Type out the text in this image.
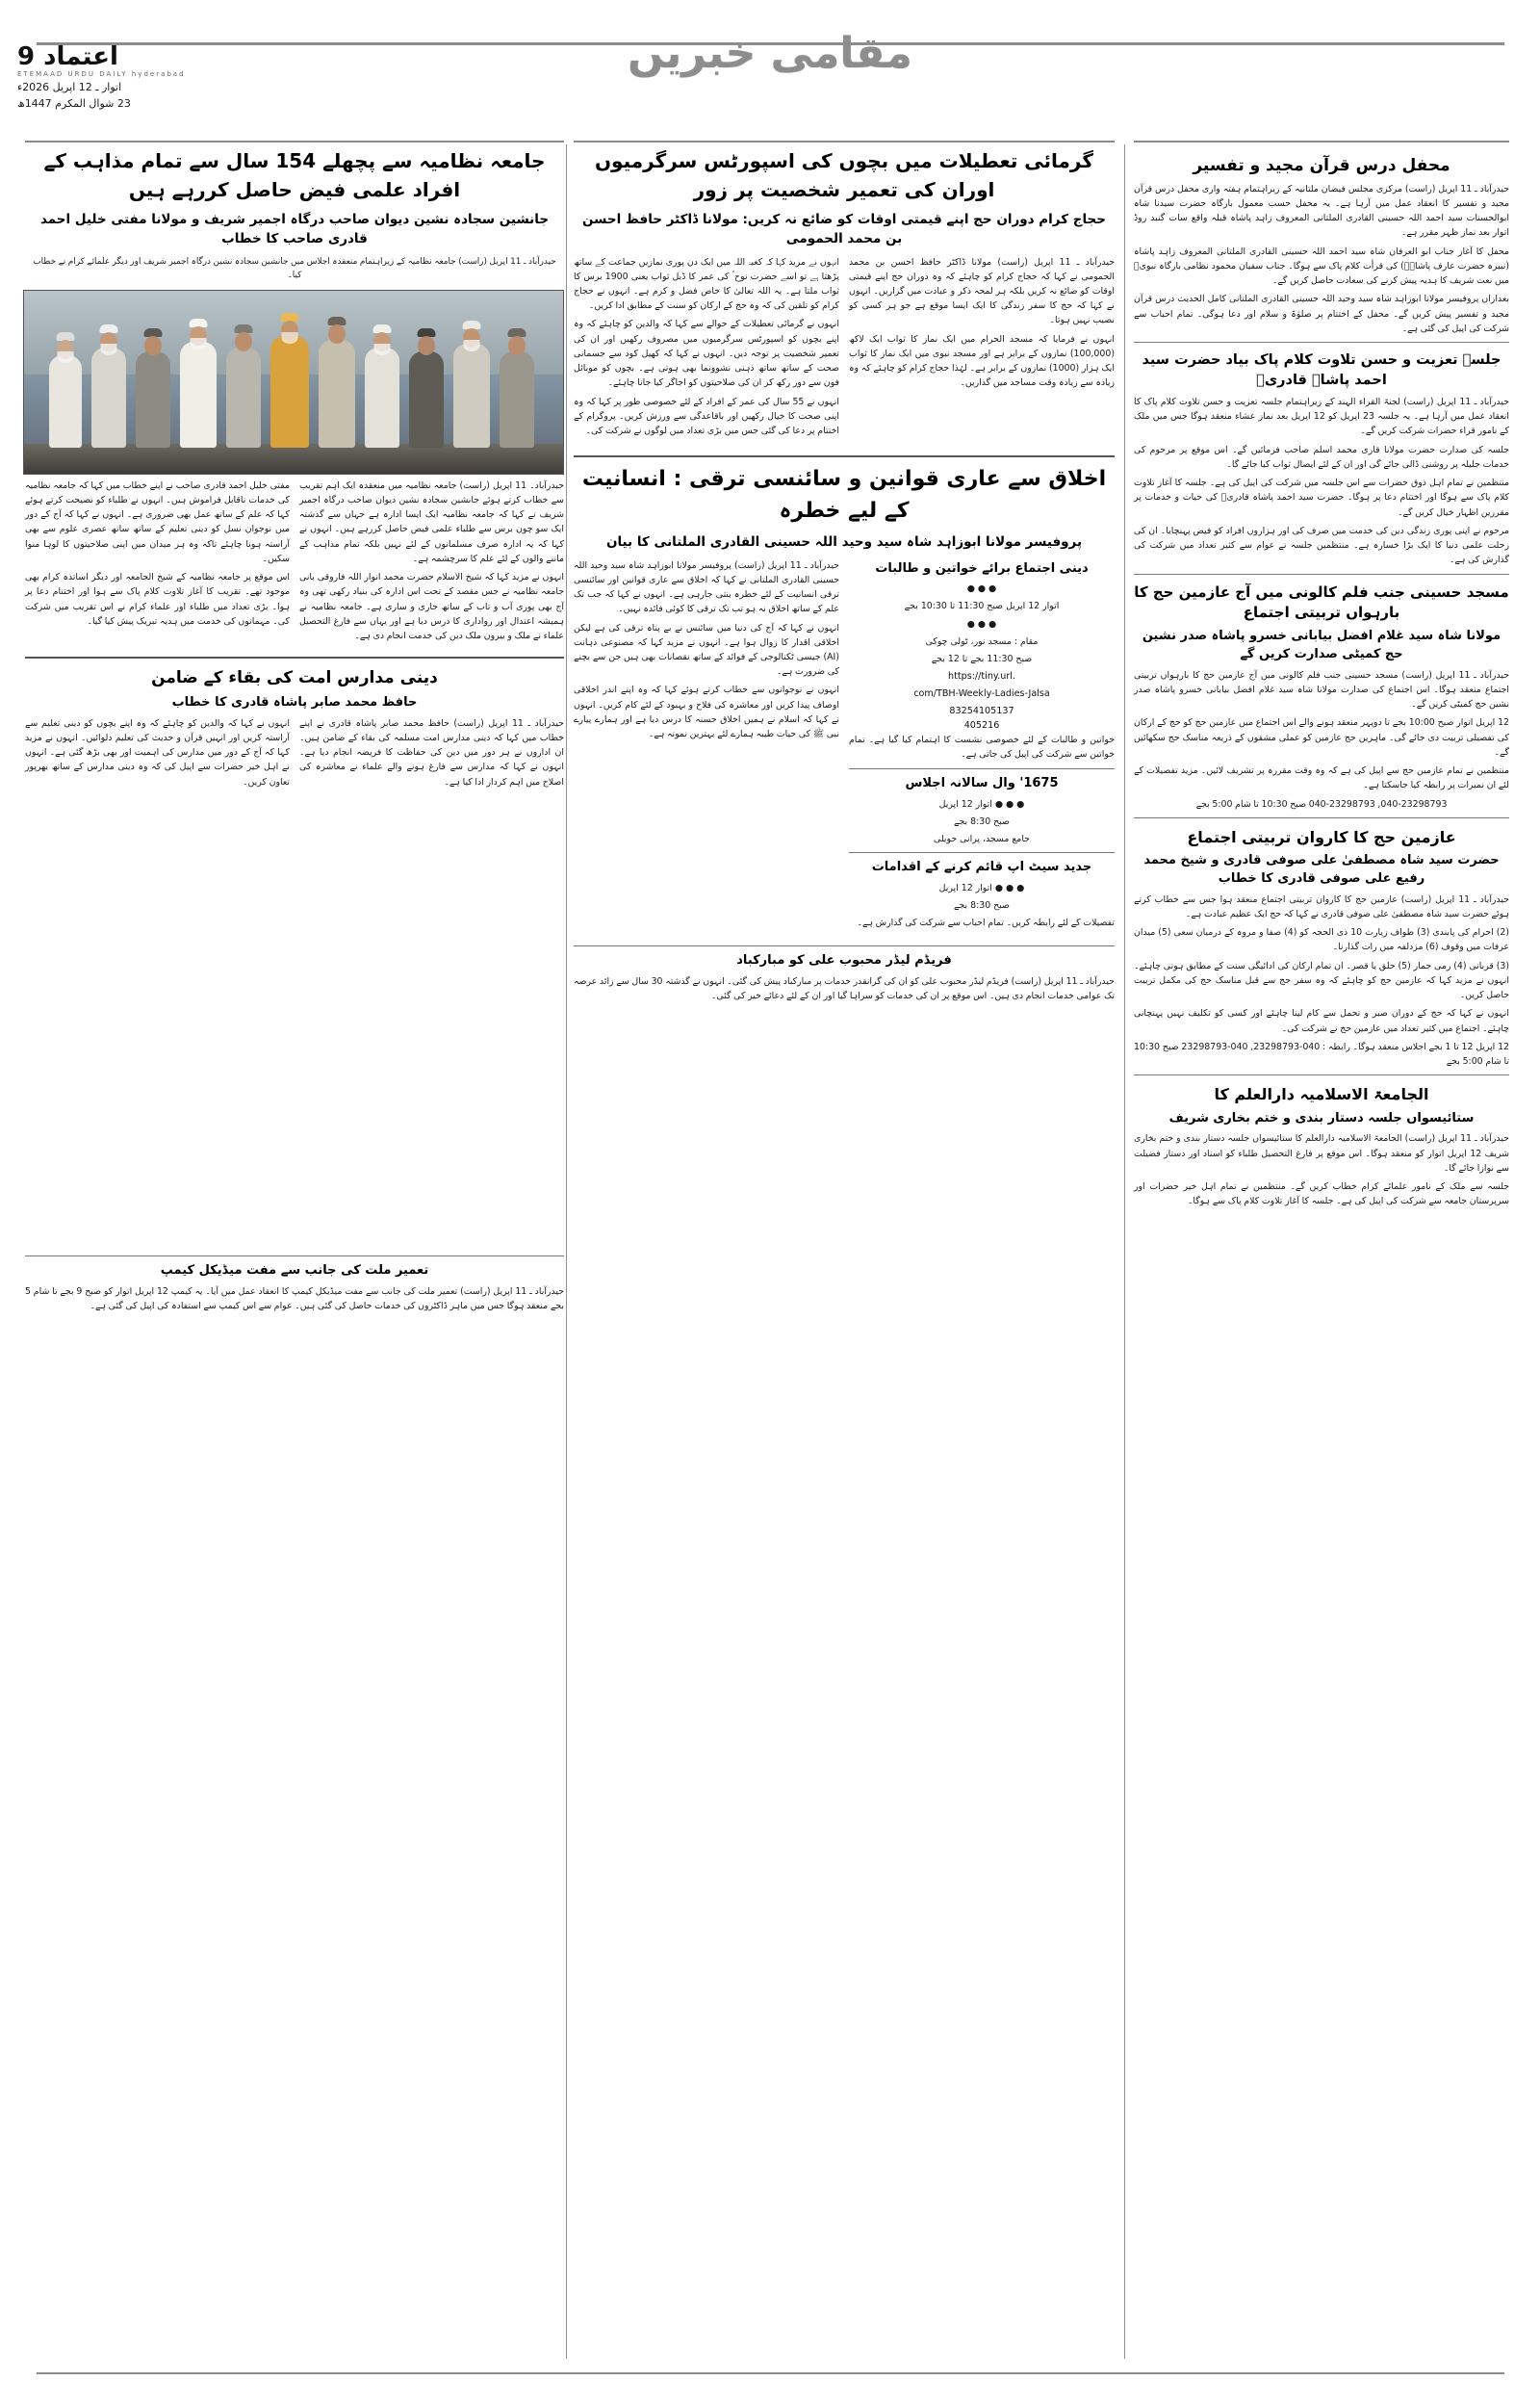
اعتماد 9
ETEMAAD URDU DAILY hyderabad
اتوار ـ 12 اپریل 2026ء
23 شوال المکرم 1447ھ
مقامی خبریں
جامعہ نظامیہ سے پچھلے 154 سال سے تمام مذاہب کے افراد علمی فیض حاصل کررہے ہیں
جانشین سجادہ نشین دیوان صاحب درگاہ اجمیر شریف و مولانا مفتی خلیل احمد قادری صاحب کا خطاب
حیدرآباد ـ 11 اپریل (راست) جامعہ نظامیہ کے زیراہتمام منعقدہ اجلاس میں جانشین سجادہ نشین درگاہ اجمیر شریف اور دیگر علمائے کرام نے خطاب کیا۔
حیدرآباد۔ 11 اپریل (راست) جامعہ نظامیہ میں منعقدہ ایک اہم تقریب سے خطاب کرتے ہوئے جانشین سجادہ نشین دیوان صاحب درگاہ اجمیر شریف نے کہا کہ جامعہ نظامیہ ایک ایسا ادارہ ہے جہاں سے گذشتہ ایک سو چون برس سے طلباء علمی فیض حاصل کررہے ہیں۔ انہوں نے کہا کہ یہ ادارہ صرف مسلمانوں کے لئے نہیں بلکہ تمام مذاہب کے ماننے والوں کے لئے علم کا سرچشمہ ہے۔
انہوں نے مزید کہا کہ شیخ الاسلام حضرت محمد انوار اللہ فاروقی بانی جامعہ نظامیہ نے جس مقصد کے تحت اس ادارہ کی بنیاد رکھی تھی وہ آج بھی پوری آب و تاب کے ساتھ جاری و ساری ہے۔ جامعہ نظامیہ نے ہمیشہ اعتدال اور رواداری کا درس دیا ہے اور یہاں سے فارغ التحصیل علماء نے ملک و بیرون ملک دین کی خدمت انجام دی ہے۔
مفتی خلیل احمد قادری صاحب نے اپنے خطاب میں کہا کہ جامعہ نظامیہ کی خدمات ناقابل فراموش ہیں۔ انہوں نے طلباء کو نصیحت کرتے ہوئے کہا کہ علم کے ساتھ عمل بھی ضروری ہے۔ انہوں نے کہا کہ آج کے دور میں نوجوان نسل کو دینی تعلیم کے ساتھ ساتھ عصری علوم سے بھی آراستہ ہونا چاہئے تاکہ وہ ہر میدان میں اپنی صلاحیتوں کا لوہا منوا سکیں۔
اس موقع پر جامعہ نظامیہ کے شیخ الجامعہ اور دیگر اساتذہ کرام بھی موجود تھے۔ تقریب کا آغاز تلاوت کلام پاک سے ہوا اور اختتام دعا پر ہوا۔ بڑی تعداد میں طلباء اور علماء کرام نے اس تقریب میں شرکت کی۔ مہمانوں کی خدمت میں ہدیہ تبریک پیش کیا گیا۔
دینی مدارس امت کی بقاء کے ضامن
حافظ محمد صابر پاشاہ قادری کا خطاب
حیدرآباد ـ 11 اپریل (راست) حافظ محمد صابر پاشاہ قادری نے اپنے خطاب میں کہا کہ دینی مدارس امت مسلمہ کی بقاء کے ضامن ہیں۔ ان اداروں نے ہر دور میں دین کی حفاظت کا فریضہ انجام دیا ہے۔ انہوں نے کہا کہ مدارس سے فارغ ہونے والے علماء نے معاشرہ کی اصلاح میں اہم کردار ادا کیا ہے۔
انہوں نے کہا کہ والدین کو چاہئے کہ وہ اپنے بچوں کو دینی تعلیم سے آراستہ کریں اور انہیں قرآن و حدیث کی تعلیم دلوائیں۔ انہوں نے مزید کہا کہ آج کے دور میں مدارس کی اہمیت اور بھی بڑھ گئی ہے۔ انہوں نے اہل خیر حضرات سے اپیل کی کہ وہ دینی مدارس کے ساتھ بھرپور تعاون کریں۔
تعمیر ملت کی جانب سے مفت میڈیکل کیمپ
حیدرآباد ـ 11 اپریل (راست) تعمیر ملت کی جانب سے مفت میڈیکل کیمپ کا انعقاد عمل میں آیا۔ یہ کیمپ 12 اپریل اتوار کو صبح 9 بجے تا شام 5 بجے منعقد ہوگا جس میں ماہر ڈاکٹروں کی خدمات حاصل کی گئی ہیں۔ عوام سے اس کیمپ سے استفادہ کی اپیل کی گئی ہے۔
گرمائی تعطیلات میں بچوں کی اسپورٹس سرگرمیوں اوران کی تعمیر شخصیت پر زور
حجاج کرام دوران حج اپنے قیمتی اوقات کو ضائع نہ کریں: مولانا ڈاکٹر حافظ احسن بن محمد الحمومی
حیدرآباد ـ 11 اپریل (راست) مولانا ڈاکٹر حافظ احسن بن محمد الحمومی نے کہا کہ حجاج کرام کو چاہئے کہ وہ دوران حج اپنے قیمتی اوقات کو ضائع نہ کریں بلکہ ہر لمحہ ذکر و عبادت میں گزاریں۔ انہوں نے کہا کہ حج کا سفر زندگی کا ایک ایسا موقع ہے جو ہر کسی کو نصیب نہیں ہوتا۔
انہوں نے فرمایا کہ مسجد الحرام میں ایک نماز کا ثواب ایک لاکھ (100,000) نمازوں کے برابر ہے اور مسجد نبوی میں ایک نماز کا ثواب ایک ہزار (1000) نمازوں کے برابر ہے۔ لہٰذا حجاج کرام کو چاہئے کہ وہ زیادہ سے زیادہ وقت مساجد میں گذاریں۔
انہوں نے مزید کہا کہ کعبۃ اللہ میں ایک دن پوری نمازیں جماعت کے ساتھ پڑھتا ہے تو اسے حضرت نوح ؑ کی عمر کا ڈبل ثواب یعنی 1900 برس کا ثواب ملتا ہے۔ یہ اللہ تعالیٰ کا خاص فضل و کرم ہے۔ انہوں نے حجاج کرام کو تلقین کی کہ وہ حج کے ارکان کو سنت کے مطابق ادا کریں۔
انہوں نے گرمائی تعطیلات کے حوالے سے کہا کہ والدین کو چاہئے کہ وہ اپنے بچوں کو اسپورٹس سرگرمیوں میں مصروف رکھیں اور ان کی تعمیر شخصیت پر توجہ دیں۔ انہوں نے کہا کہ کھیل کود سے جسمانی صحت کے ساتھ ساتھ ذہنی نشوونما بھی ہوتی ہے۔ بچوں کو موبائل فون سے دور رکھ کر ان کی صلاحیتوں کو اجاگر کیا جانا چاہئے۔
انہوں نے 55 سال کی عمر کے افراد کے لئے خصوصی طور پر کہا کہ وہ اپنی صحت کا خیال رکھیں اور باقاعدگی سے ورزش کریں۔ پروگرام کے اختتام پر دعا کی گئی جس میں بڑی تعداد میں لوگوں نے شرکت کی۔
اخلاق سے عاری قوانین و سائنسی ترقی : انسانیت کے لیے خطرہ
پروفیسر مولانا ابوزاہد شاہ سید وحید اللہ حسینی القادری الملتانی کا بیان
دینی اجتماع برائے خواتین و طالبات
● ● ●
اتوار 12 اپریل صبح 11:30 تا 10:30 بجے
● ● ●
مقام : مسجد نور، ٹولی چوکی
صبح 11:30 بجے تا 12 بجے
https://tiny.url.
com/TBH-Weekly-Ladies-Jalsa
83254105137
405216
خواتین و طالبات کے لئے خصوصی نشست کا اہتمام کیا گیا ہے۔ تمام خواتین سے شرکت کی اپیل کی جاتی ہے۔
1675' وال سالانہ اجلاس
● ● ● اتوار 12 اپریل
صبح 8:30 بجے
جامع مسجد، پرانی حویلی
جدید سیٹ اپ قائم کرنے کے اقدامات
● ● ● اتوار 12 اپریل
صبح 8:30 بجے
تفصیلات کے لئے رابطہ کریں۔ تمام احباب سے شرکت کی گذارش ہے۔
حیدرآباد ـ 11 اپریل (راست) پروفیسر مولانا ابوزاہد شاہ سید وحید اللہ حسینی القادری الملتانی نے کہا کہ اخلاق سے عاری قوانین اور سائنسی ترقی انسانیت کے لئے خطرہ بنتی جارہی ہے۔ انہوں نے کہا کہ جب تک علم کے ساتھ اخلاق نہ ہو تب تک ترقی کا کوئی فائدہ نہیں۔
انہوں نے کہا کہ آج کی دنیا میں سائنس نے بے پناہ ترقی کی ہے لیکن اخلاقی اقدار کا زوال ہوا ہے۔ انہوں نے مزید کہا کہ مصنوعی ذہانت (AI) جیسی ٹکنالوجی کے فوائد کے ساتھ نقصانات بھی ہیں جن سے بچنے کی ضرورت ہے۔
انہوں نے نوجوانوں سے خطاب کرتے ہوئے کہا کہ وہ اپنے اندر اخلاقی اوصاف پیدا کریں اور معاشرہ کی فلاح و بہبود کے لئے کام کریں۔ انہوں نے کہا کہ اسلام نے ہمیں اخلاق حسنہ کا درس دیا ہے اور ہمارے پیارے نبی ﷺ کی حیات طیبہ ہمارے لئے بہترین نمونہ ہے۔
فریڈم لیڈر محبوب علی کو مبارکباد
حیدرآباد ـ 11 اپریل (راست) فریڈم لیڈر محبوب علی کو ان کی گرانقدر خدمات پر مبارکباد پیش کی گئی۔ انہوں نے گذشتہ 30 سال سے زائد عرصہ تک عوامی خدمات انجام دی ہیں۔ اس موقع پر ان کی خدمات کو سراہا گیا اور ان کے لئے دعائے خیر کی گئی۔
محفل درس قرآن مجید و تفسیر
حیدرآباد ـ 11 اپریل (راست) مرکزی مجلس فیضان ملتانیہ کے زیراہتمام ہفتہ واری محفل درس قرآن مجید و تفسیر کا انعقاد عمل میں آرہا ہے۔ یہ محفل حسب معمول بارگاہ حضرت سیدنا شاہ ابوالحسنات سید احمد اللہ حسینی القادری الملتانی المعروف زاہد پاشاہ قبلہ واقع سات گنبد روڈ اتوار بعد نماز ظہر مقرر ہے۔
محفل کا آغاز جناب ابو العرفان شاہ سید احمد اللہ حسینی القادری الملتانی المعروف زاہد پاشاہ (نبیرہ حضرت عارف پاشاہؒ) کی قرأت کلام پاک سے ہوگا۔ جناب سفیان محمود نظامی بارگاہ نبویؐ میں نعت شریف کا ہدیہ پیش کرنے کی سعادت حاصل کریں گے۔
بعدازاں پروفیسر مولانا ابوزاہد شاہ سید وحید اللہ حسینی القادری الملتانی کامل الحدیث درس قرآن مجید و تفسیر پیش کریں گے۔ محفل کے اختتام پر صلوٰۃ و سلام اور دعا ہوگی۔ تمام احباب سے شرکت کی اپیل کی گئی ہے۔
جلسہ تعزیت و حسن تلاوت کلام پاک بیاد حضرت سید احمد پاشاہ قادریؒ
حیدرآباد ـ 11 اپریل (راست) لجنۃ القراء الہند کے زیراہتمام جلسہ تعزیت و حسن تلاوت کلام پاک کا انعقاد عمل میں آرہا ہے۔ یہ جلسہ 23 اپریل کو 12 اپریل بعد نماز عشاء منعقد ہوگا جس میں ملک کے نامور قراء حضرات شرکت کریں گے۔
جلسہ کی صدارت حضرت مولانا قاری محمد اسلم صاحب فرمائیں گے۔ اس موقع پر مرحوم کی خدمات جلیلہ پر روشنی ڈالی جائے گی اور ان کے لئے ایصال ثواب کیا جائے گا۔
منتظمین نے تمام اہل ذوق حضرات سے اس جلسہ میں شرکت کی اپیل کی ہے۔ جلسہ کا آغاز تلاوت کلام پاک سے ہوگا اور اختتام دعا پر ہوگا۔ حضرت سید احمد پاشاہ قادریؒ کی حیات و خدمات پر مقررین اظہار خیال کریں گے۔
مرحوم نے اپنی پوری زندگی دین کی خدمت میں صرف کی اور ہزاروں افراد کو فیض پہنچایا۔ ان کی رحلت علمی دنیا کا ایک بڑا خسارہ ہے۔ منتظمین جلسہ نے عوام سے کثیر تعداد میں شرکت کی گذارش کی ہے۔
مسجد حسینی جنب فلم کالونی میں آج عازمین حج کا بارہواں تربیتی اجتماع
مولانا شاہ سید غلام افضل بیابانی خسرو پاشاہ صدر نشین حج کمیٹی صدارت کریں گے
حیدرآباد ـ 11 اپریل (راست) مسجد حسینی جنب فلم کالونی میں آج عازمین حج کا بارہواں تربیتی اجتماع منعقد ہوگا۔ اس اجتماع کی صدارت مولانا شاہ سید غلام افضل بیابانی خسرو پاشاہ صدر نشین حج کمیٹی کریں گے۔
12 اپریل اتوار صبح 10:00 بجے تا دوپہر منعقد ہونے والے اس اجتماع میں عازمین حج کو حج کے ارکان کی تفصیلی تربیت دی جائے گی۔ ماہرین حج عازمین کو عملی مشقوں کے ذریعہ مناسک حج سکھائیں گے۔
منتظمین نے تمام عازمین حج سے اپیل کی ہے کہ وہ وقت مقررہ پر تشریف لائیں۔ مزید تفصیلات کے لئے ان نمبرات پر رابطہ کیا جاسکتا ہے۔
040-23298793, 040-23298793 صبح 10:30 تا شام 5:00 بجے
عازمین حج کا کاروان تربیتی اجتماع
حضرت سید شاہ مصطفیٰ علی صوفی قادری و شیخ محمد رفیع علی صوفی قادری کا خطاب
حیدرآباد ـ 11 اپریل (راست) عازمین حج کا کاروان تربیتی اجتماع منعقد ہوا جس سے خطاب کرتے ہوئے حضرت سید شاہ مصطفیٰ علی صوفی قادری نے کہا کہ حج ایک عظیم عبادت ہے۔
(2) احرام کی پابندی (3) طواف زیارت 10 ذی الحجہ کو (4) صفا و مروہ کے درمیان سعی (5) میدان عرفات میں وقوف (6) مزدلفہ میں رات گذارنا۔
(3) قربانی (4) رمی جمار (5) حلق یا قصر۔ ان تمام ارکان کی ادائیگی سنت کے مطابق ہونی چاہئے۔ انہوں نے مزید کہا کہ عازمین حج کو چاہئے کہ وہ سفر حج سے قبل مناسک حج کی مکمل تربیت حاصل کریں۔
انہوں نے کہا کہ حج کے دوران صبر و تحمل سے کام لینا چاہئے اور کسی کو تکلیف نہیں پہنچانی چاہئے۔ اجتماع میں کثیر تعداد میں عازمین حج نے شرکت کی۔
12 اپریل 12 تا 1 بجے اجلاس منعقد ہوگا۔ رابطہ : 040-23298793, 040-23298793 صبح 10:30 تا شام 5:00 بجے
الجامعۃ الاسلامیہ دارالعلم کا
ستائیسواں جلسہ دستار بندی و ختم بخاری شریف
حیدرآباد ـ 11 اپریل (راست) الجامعۃ الاسلامیہ دارالعلم کا ستائیسواں جلسہ دستار بندی و ختم بخاری شریف 12 اپریل اتوار کو منعقد ہوگا۔ اس موقع پر فارغ التحصیل طلباء کو اسناد اور دستار فضیلت سے نوازا جائے گا۔
جلسہ سے ملک کے نامور علمائے کرام خطاب کریں گے۔ منتظمین نے تمام اہل خیر حضرات اور سرپرستان جامعہ سے شرکت کی اپیل کی ہے۔ جلسہ کا آغاز تلاوت کلام پاک سے ہوگا۔
